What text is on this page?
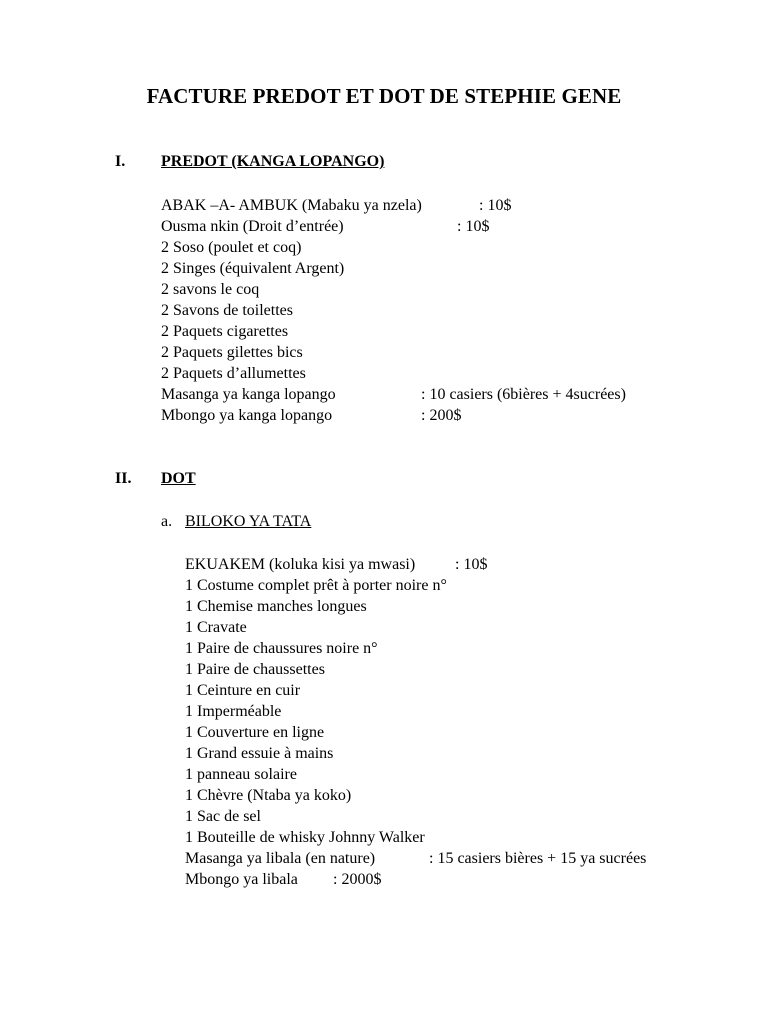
FACTURE PREDOT ET DOT DE STEPHIE GENE
I. PREDOT (KANGA LOPANGO)
ABAK –A- AMBUK (Mabaku ya nzela)	: 10$
Ousma nkin (Droit d’entrée)	: 10$
2 Soso (poulet et coq)
2 Singes (équivalent Argent)
2 savons le coq
2 Savons de toilettes
2 Paquets cigarettes
2 Paquets gilettes bics
2 Paquets d’allumettes
Masanga ya kanga lopango	: 10 casiers (6bières + 4sucrées)
Mbongo ya kanga lopango	: 200$
II. DOT
a. BILOKO YA TATA
EKUAKEM (koluka kisi ya mwasi) : 10$
1 Costume complet prêt à porter noire n°
1 Chemise manches longues
1 Cravate
1 Paire de chaussures noire n°
1 Paire de chaussettes
1 Ceinture en cuir
1 Imperméable
1 Couverture en ligne
1 Grand essuie à mains
1 panneau solaire
1 Chèvre (Ntaba ya koko)
1 Sac de sel
1 Bouteille de whisky Johnny Walker
Masanga ya libala (en nature)	: 15 casiers bières + 15 ya sucrées
Mbongo ya libala : 2000$
